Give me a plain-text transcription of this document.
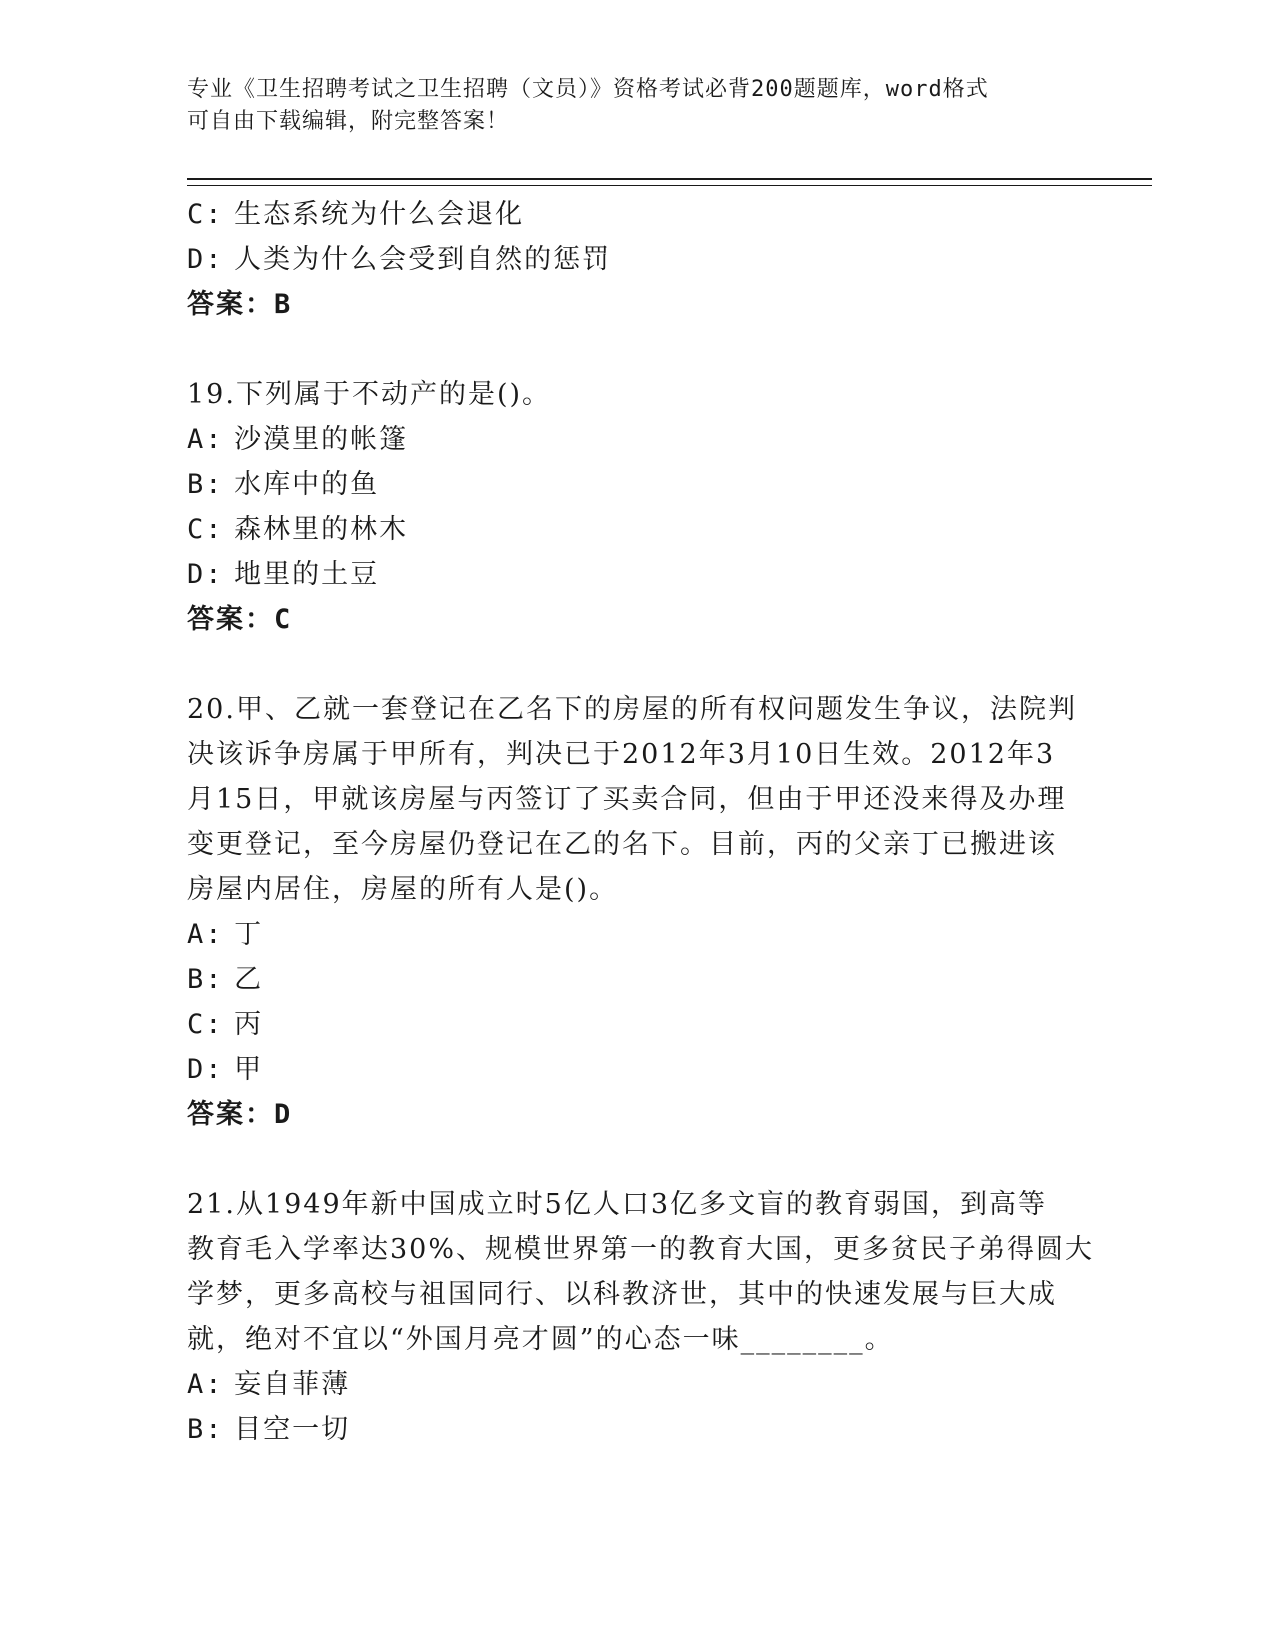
专业《卫生招聘考试之卫生招聘（文员）》资格考试必背200题题库，word格式
可自由下载编辑，附完整答案！
C: 生态系统为什么会退化
D: 人类为什么会受到自然的惩罚
答案：B
19.下列属于不动产的是()。
A: 沙漠里的帐篷
B: 水库中的鱼
C: 森林里的林木
D: 地里的土豆
答案：C
20.甲、乙就一套登记在乙名下的房屋的所有权问题发生争议，法院判
决该诉争房属于甲所有，判决已于2012年3月10日生效。2012年3
月15日，甲就该房屋与丙签订了买卖合同，但由于甲还没来得及办理
变更登记，至今房屋仍登记在乙的名下。目前，丙的父亲丁已搬进该
房屋内居住，房屋的所有人是()。
A: 丁
B: 乙
C: 丙
D: 甲
答案：D
21.从1949年新中国成立时5亿人口3亿多文盲的教育弱国，到高等
教育毛入学率达30%、规模世界第一的教育大国，更多贫民子弟得圆大
学梦，更多高校与祖国同行、以科教济世，其中的快速发展与巨大成
就，绝对不宜以“外国月亮才圆”的心态一味________。
A: 妄自菲薄
B: 目空一切
